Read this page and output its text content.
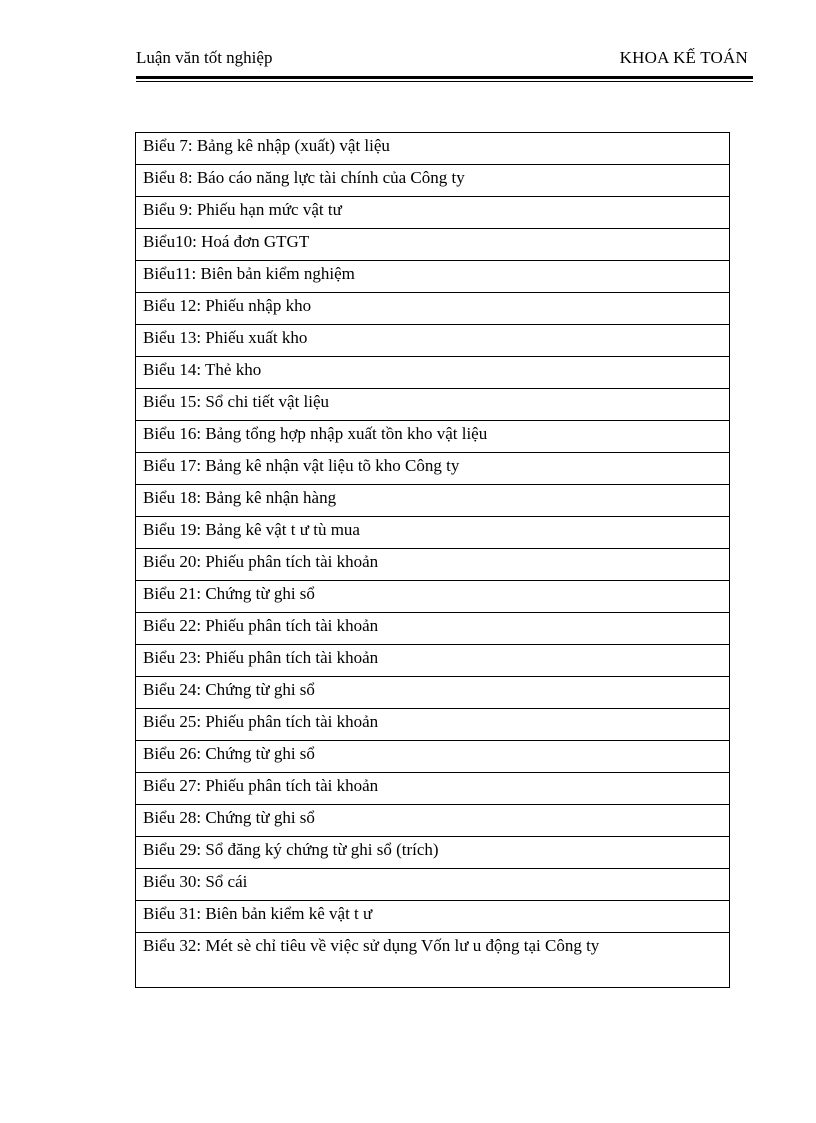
Luận văn tốt nghiệp	KHOA KẾ TOÁN
Biểu 7: Bảng kê nhập (xuất) vật liệu
Biểu 8: Báo cáo năng lực tài chính của Công ty
Biểu 9: Phiếu hạn mức vật tư
Biểu10: Hoá đơn GTGT
Biểu11: Biên bản kiểm nghiệm
Biểu 12: Phiếu nhập kho
Biểu 13: Phiếu xuất kho
Biểu 14: Thẻ kho
Biểu 15: Sổ chi tiết vật liệu
Biểu 16: Bảng tổng hợp nhập xuất tồn kho vật liệu
Biểu 17: Bảng kê nhận vật liệu tõ kho Công ty
Biểu 18: Bảng kê nhận hàng
Biểu 19: Bảng kê vật t ư tù mua
Biểu 20: Phiếu phân tích tài khoản
Biểu 21: Chứng từ ghi sổ
Biểu 22: Phiếu phân tích tài khoản
Biểu 23: Phiếu phân tích tài khoản
Biểu 24: Chứng từ ghi sổ
Biểu 25: Phiếu phân tích tài khoản
Biểu 26: Chứng từ ghi sổ
Biểu 27: Phiếu phân tích tài khoản
Biểu 28: Chứng từ ghi sổ
Biểu 29: Sổ đăng ký chứng từ ghi sổ (trích)
Biểu 30: Sổ cái
Biểu 31: Biên bản kiểm kê vật t ư
Biểu 32: Mét sè chỉ tiêu về việc sử dụng Vốn lư u động tại Công ty
